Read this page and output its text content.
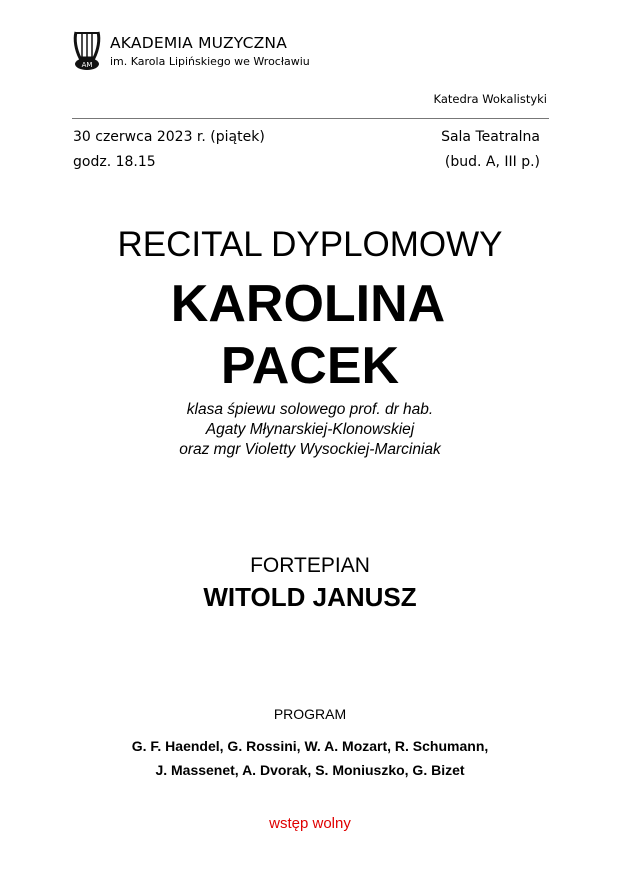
AM
AKADEMIA MUZYCZNA
im. Karola Lipińskiego we Wrocławiu
Katedra Wokalistyki
30 czerwca 2023 r. (piątek)
godz. 18.15
Sala Teatralna
(bud. A, III p.)
RECITAL DYPLOMOWY
KAROLINA
PACEK
klasa śpiewu solowego prof. dr hab.
Agaty Młynarskiej-Klonowskiej
oraz mgr Violetty Wysockiej-Marciniak
FORTEPIAN
WITOLD JANUSZ
PROGRAM
G. F. Haendel, G. Rossini, W. A. Mozart, R. Schumann,
J. Massenet, A. Dvorak, S. Moniuszko, G. Bizet
wstęp wolny
